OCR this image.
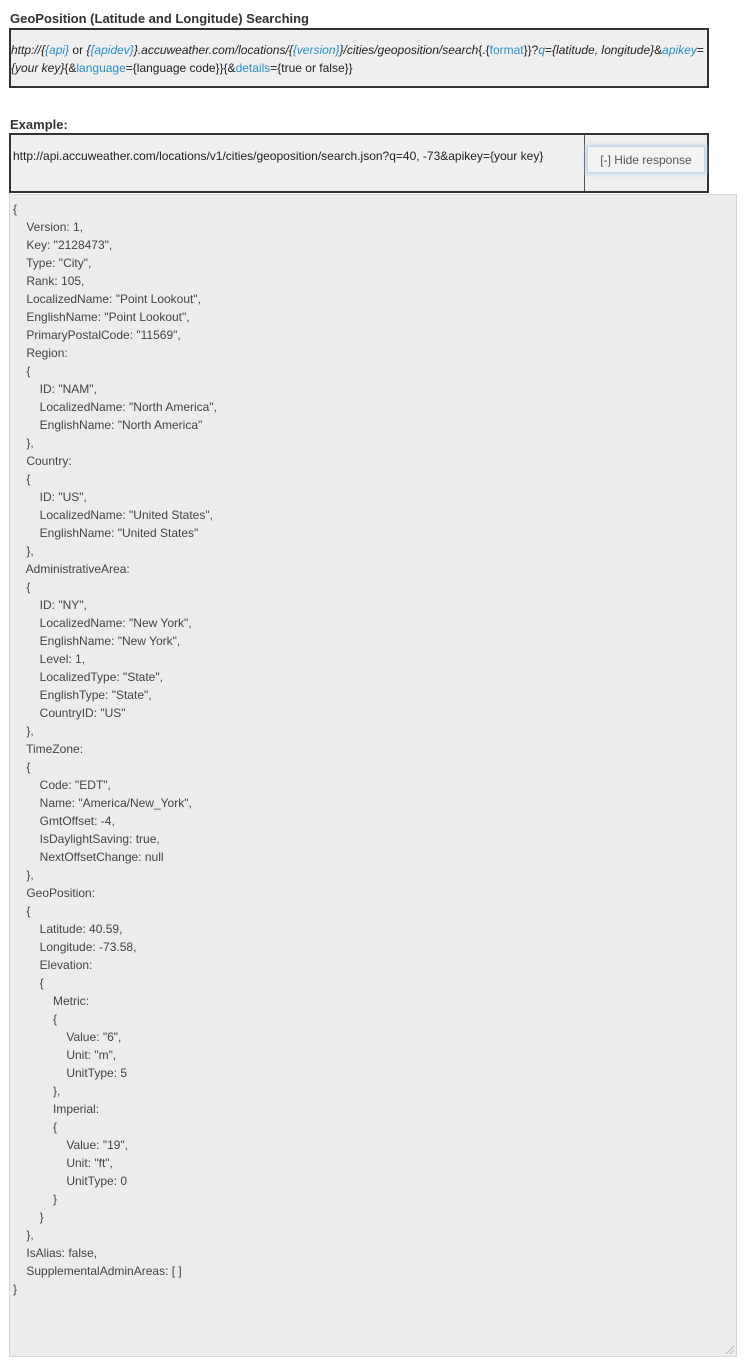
GeoPosition (Latitude and Longitude) Searching
http://{{api} or {{apidev}}.accuweather.com/locations/{{version}}/cities/geoposition/search{.{format}}?q={latitude, longitude}&apikey={your key}{&language={language code}}{&details={true or false}}
Example:
http://api.accuweather.com/locations/v1/cities/geoposition/search.json?q=40, -73&apikey={your key}	[-] Hide response
{
Version: 1,
Key: "2128473",
Type: "City",
Rank: 105,
LocalizedName: "Point Lookout",
EnglishName: "Point Lookout",
PrimaryPostalCode: "11569",
Region:
{
ID: "NAM",
LocalizedName: "North America",
EnglishName: "North America"
},
Country:
{
ID: "US",
LocalizedName: "United States",
EnglishName: "United States"
},
AdministrativeArea:
{
ID: "NY",
LocalizedName: "New York",
EnglishName: "New York",
Level: 1,
LocalizedType: "State",
EnglishType: "State",
CountryID: "US"
},
TimeZone:
{
Code: "EDT",
Name: "America/New_York",
GmtOffset: -4,
IsDaylightSaving: true,
NextOffsetChange: null
},
GeoPosition:
{
Latitude: 40.59,
Longitude: -73.58,
Elevation:
{
Metric:
{
Value: "6",
Unit: "m",
UnitType: 5
},
Imperial:
{
Value: "19",
Unit: "ft",
UnitType: 0
}
}
},
IsAlias: false,
SupplementalAdminAreas: [ ]
}
